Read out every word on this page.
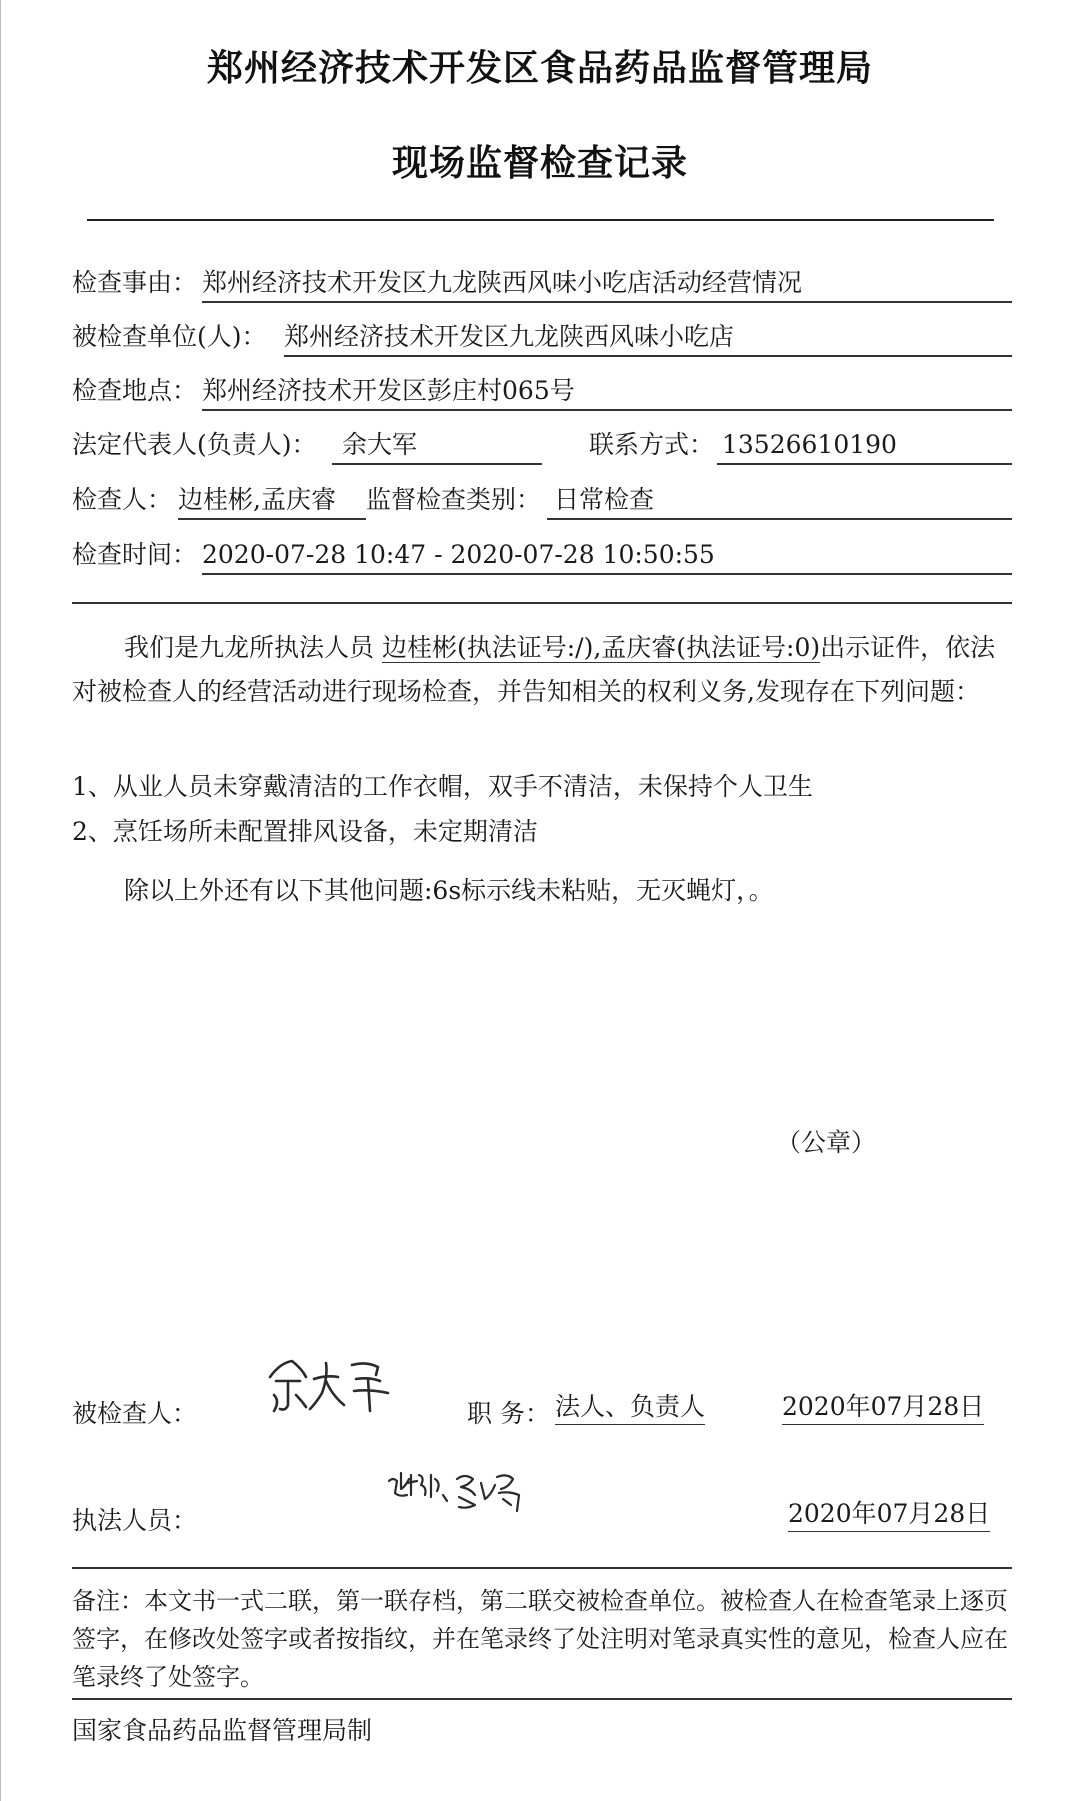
郑州经济技术开发区食品药品监督管理局
现场监督检查记录
检查事由： 郑州经济技术开发区九龙陕西风味小吃店活动经营情况
被检查单位(人)： 郑州经济技术开发区九龙陕西风味小吃店
检查地点： 郑州经济技术开发区彭庄村065号
法定代表人(负责人)： 余大军	联系方式： 13526610190
检查人： 边桂彬,孟庆睿 监督检查类别： 日常检查
检查时间： 2020-07-28 10:47 - 2020-07-28 10:50:55
我们是九龙所执法人员 边桂彬(执法证号:/),孟庆睿(执法证号:0)出示证件，依法对被检查人的经营活动进行现场检查，并告知相关的权利义务,发现存在下列问题：
1、从业人员未穿戴清洁的工作衣帽，双手不清洁，未保持个人卫生
2、烹饪场所未配置排风设备，未定期清洁
除以上外还有以下其他问题:6s标示线未粘贴，无灭蝇灯，。
（公章）
被检查人：	职 务： 法人、负责人	2020年07月28日
执法人员：	2020年07月28日
备注：本文书一式二联，第一联存档，第二联交被检查单位。被检查人在检查笔录上逐页签字，在修改处签字或者按指纹，并在笔录终了处注明对笔录真实性的意见，检查人应在笔录终了处签字。
国家食品药品监督管理局制
